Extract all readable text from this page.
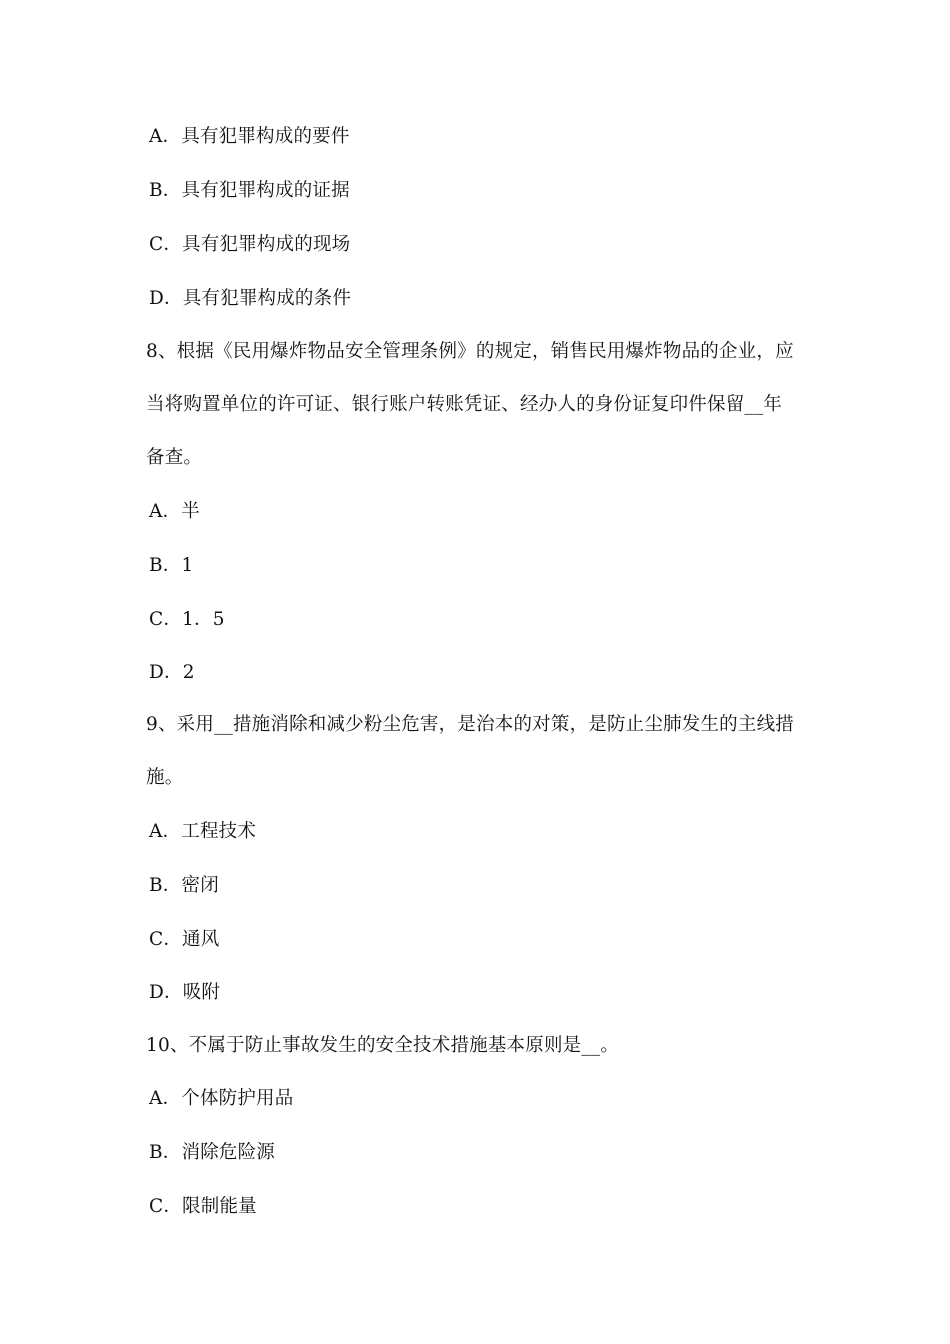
A．具有犯罪构成的要件
B．具有犯罪构成的证据
C．具有犯罪构成的现场
D．具有犯罪构成的条件
8、根据《民用爆炸物品安全管理条例》的规定，销售民用爆炸物品的企业，应
当将购置单位的许可证、银行账户转账凭证、经办人的身份证复印件保留__年
备查。
A．半
B．1
C．1．5
D．2
9、采用__措施消除和减少粉尘危害，是治本的对策，是防止尘肺发生的主线措
施。
A．工程技术
B．密闭
C．通风
D．吸附
10、不属于防止事故发生的安全技术措施基本原则是__。
A．个体防护用品
B．消除危险源
C．限制能量
